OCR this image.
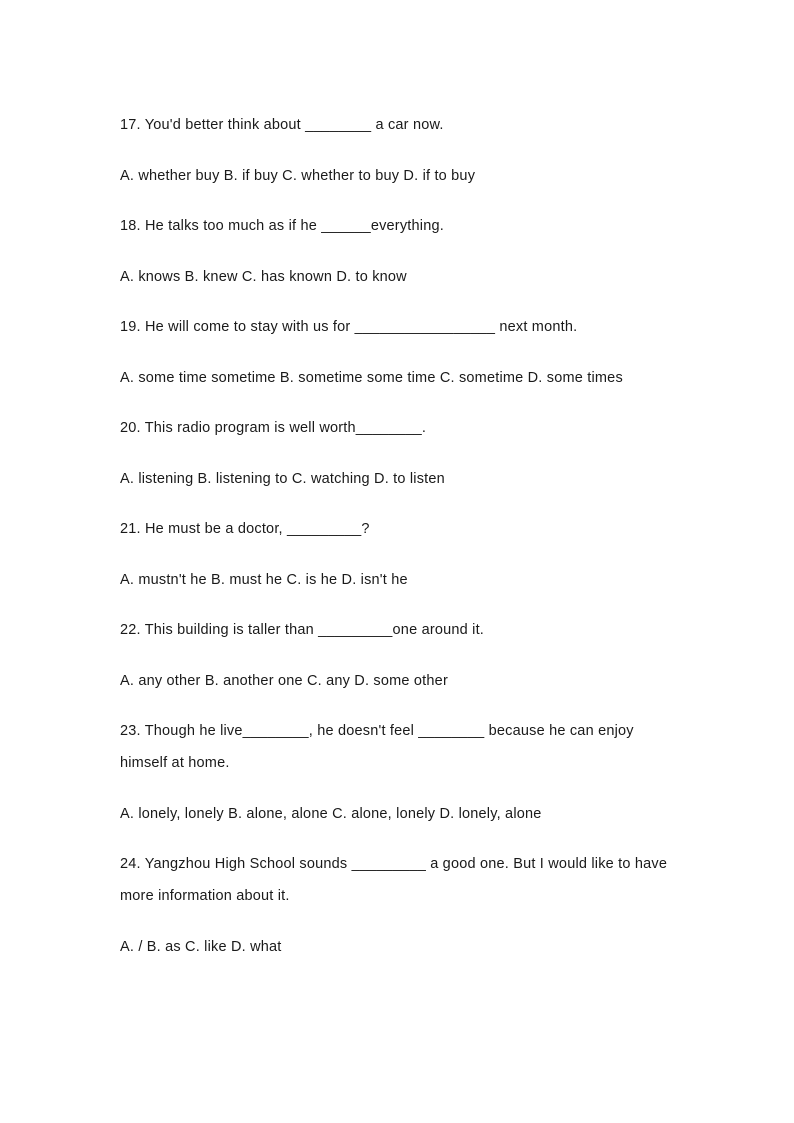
17. You'd better think about ________ a car now.

A. whether buy B. if buy C. whether to buy D. if to buy

18. He talks too much as if he ______everything.

A. knows B. knew C. has known D. to know

19. He will come to stay with us for _________________ next month.

A. some time sometime B. sometime some time C. sometime D. some times

20. This radio program is well worth________.

A. listening B. listening to C. watching D. to listen

21. He must be a doctor, _________?

A. mustn't he B. must he C. is he D. isn't he

22. This building is taller than _________one around it.

A. any other B. another one C. any D. some other

23. Though he live________, he doesn't feel ________ because he can enjoy himself at home.

A. lonely, lonely B. alone, alone C. alone, lonely D. lonely, alone

24. Yangzhou High School sounds _________ a good one. But I would like to have more information about it.

A. / B. as C. like D. what
